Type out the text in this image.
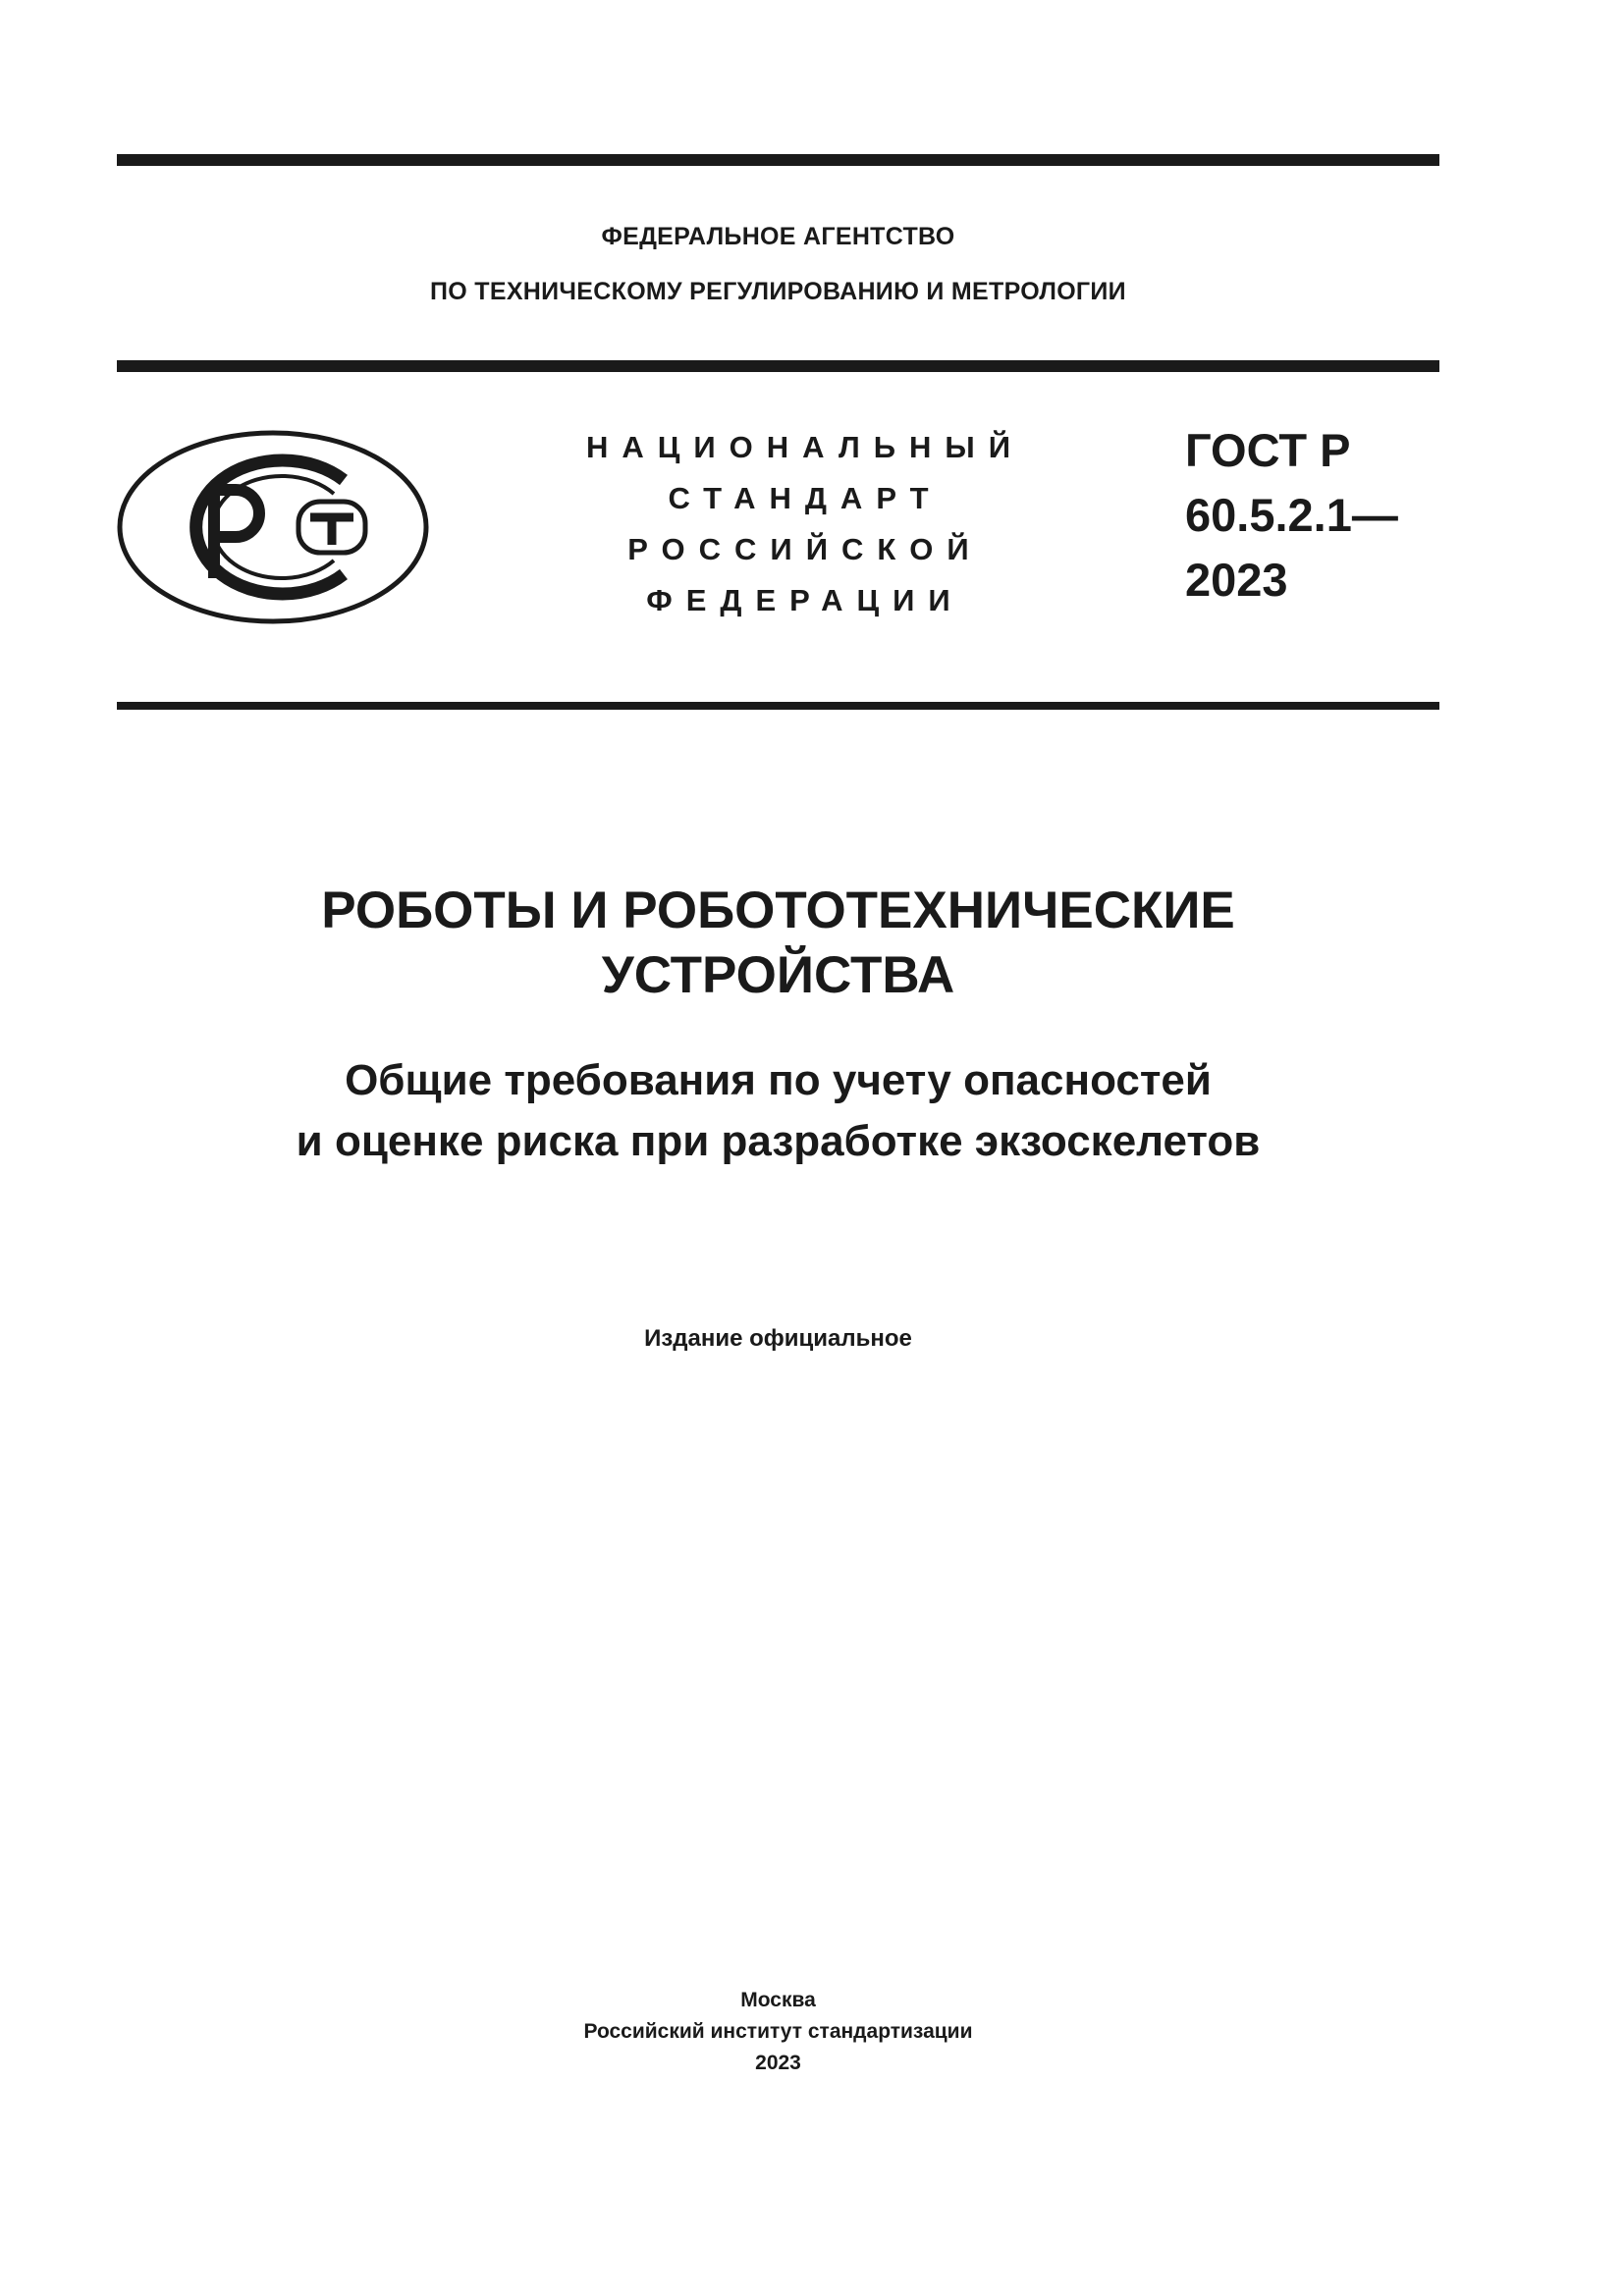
ФЕДЕРАЛЬНОЕ АГЕНТСТВО
ПО ТЕХНИЧЕСКОМУ РЕГУЛИРОВАНИЮ И МЕТРОЛОГИИ
НАЦИОНАЛЬНЫЙ
СТАНДАРТ
РОССИЙСКОЙ
ФЕДЕРАЦИИ
ГОСТ Р
60.5.2.1—
2023
РОБОТЫ И РОБОТОТЕХНИЧЕСКИЕ
УСТРОЙСТВА
Общие требования по учету опасностей
и оценке риска при разработке экзоскелетов
Издание официальное
Москва
Российский институт стандартизации
2023
